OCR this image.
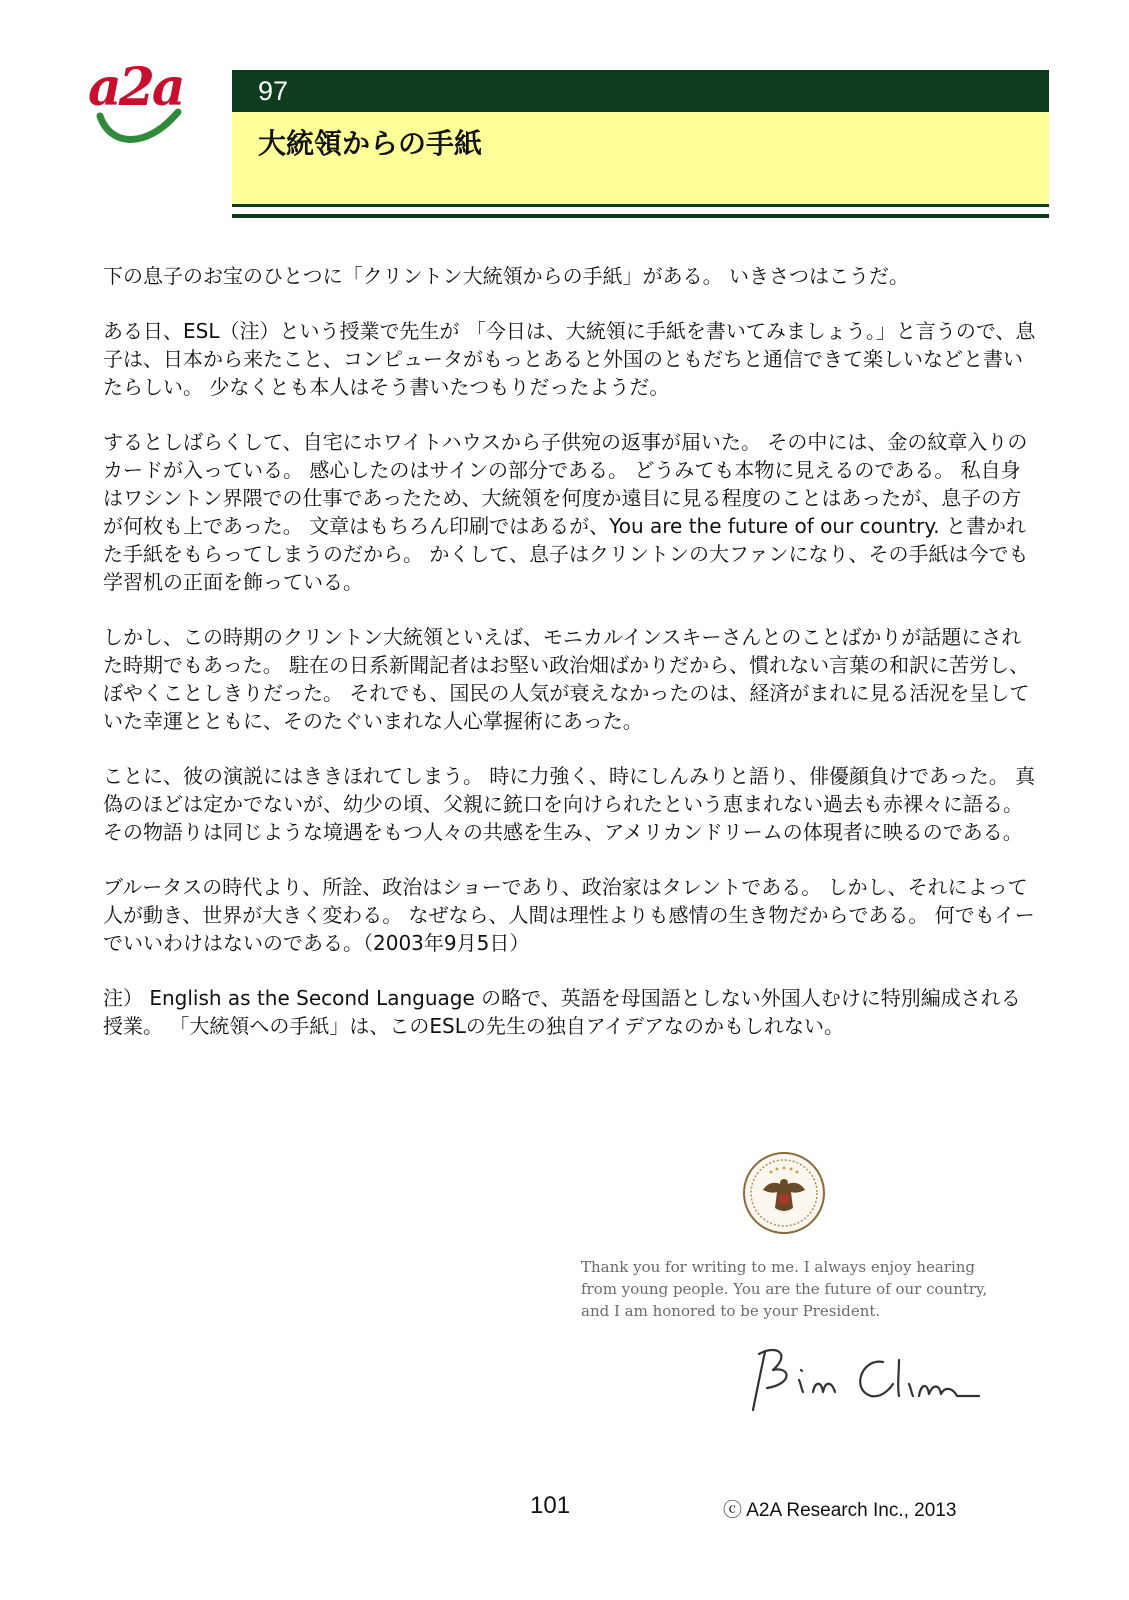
a2a	97
大統領からの手紙

下の息子のお宝のひとつに「クリントン大統領からの手紙」がある。 いきさつはこうだ。

ある日、ESL（注）という授業で先生が 「今日は、大統領に手紙を書いてみましょう。」と言うので、息子は、日本から来たこと、コンピュータがもっとあると外国のともだちと通信できて楽しいなどと書いたらしい。 少なくとも本人はそう書いたつもりだったようだ。

するとしばらくして、自宅にホワイトハウスから子供宛の返事が届いた。 その中には、金の紋章入りのカードが入っている。 感心したのはサインの部分である。 どうみても本物に見えるのである。 私自身はワシントン界隈での仕事であったため、大統領を何度か遠目に見る程度のことはあったが、息子の方が何枚も上であった。 文章はもちろん印刷ではあるが、You are the future of our country. と書かれた手紙をもらってしまうのだから。 かくして、息子はクリントンの大ファンになり、その手紙は今でも学習机の正面を飾っている。

しかし、この時期のクリントン大統領といえば、モニカルインスキーさんとのことばかりが話題にされた時期でもあった。 駐在の日系新聞記者はお堅い政治畑ばかりだから、慣れない言葉の和訳に苦労し、ぼやくことしきりだった。 それでも、国民の人気が衰えなかったのは、経済がまれに見る活況を呈していた幸運とともに、そのたぐいまれな人心掌握術にあった。

ことに、彼の演説にはききほれてしまう。 時に力強く、時にしんみりと語り、俳優顔負けであった。 真偽のほどは定かでないが、幼少の頃、父親に銃口を向けられたという恵まれない過去も赤裸々に語る。 その物語りは同じような境遇をもつ人々の共感を生み、アメリカンドリームの体現者に映るのである。

ブルータスの時代より、所詮、政治はショーであり、政治家はタレントである。 しかし、それによって人が動き、世界が大きく変わる。 なぜなら、人間は理性よりも感情の生き物だからである。 何でもイーでいいわけはないのである。（2003年9月5日）

注） English as the Second Language の略で、英語を母国語としない外国人むけに特別編成される授業。 「大統領への手紙」は、このESLの先生の独自アイデアなのかもしれない。

Thank you for writing to me. I always enjoy hearing
from young people. You are the future of our country,
and I am honored to be your President.
101	ⓒ A2A Research Inc., 2013
